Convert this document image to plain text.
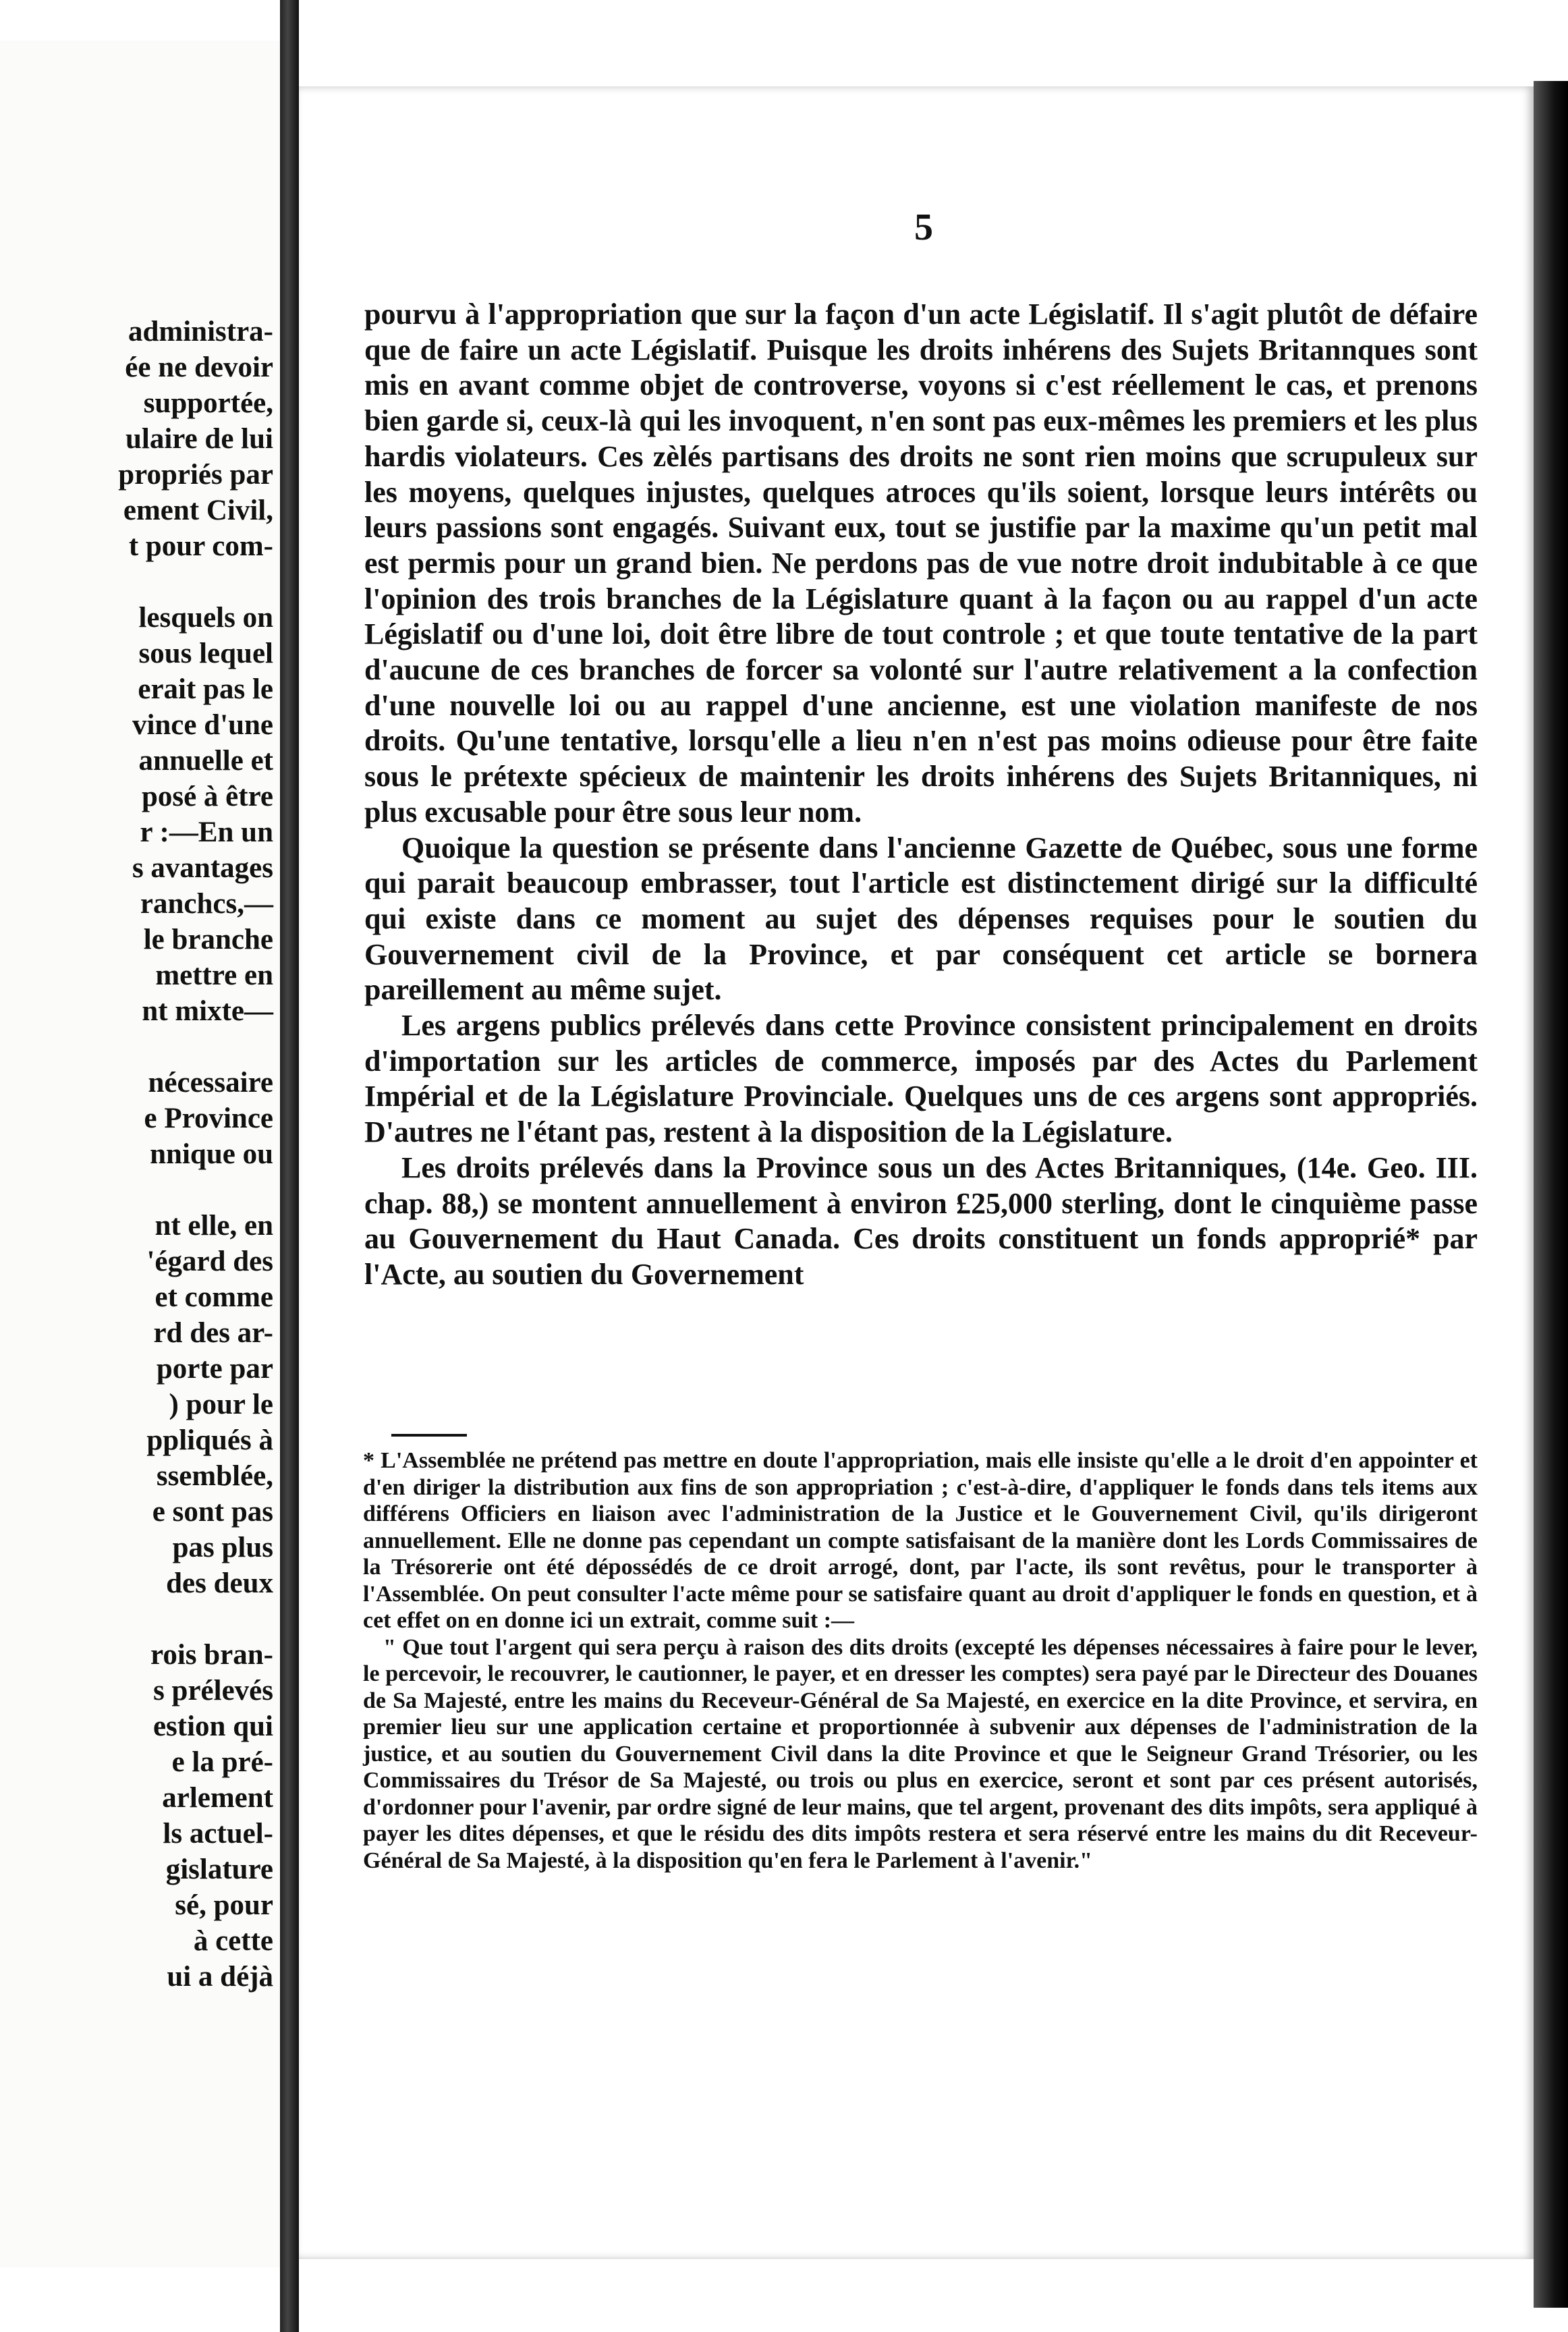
administra-
ée ne devoir
supportée,
ulaire de lui
propriés par
ement Civil,
t pour com-
lesquels on
sous lequel
erait pas le
vince d'une
annuelle et
posé à être
r :—En un
s avantages
ranchcs,—
le branche
mettre en
nt mixte—
nécessaire
e Province
nnique ou
nt elle, en
'égard des
et comme
rd des ar-
porte par
) pour le
ppliqués à
ssemblée,
e sont pas
pas plus
des deux
rois bran-
s prélevés
estion qui
e la pré-
arlement
ls actuel-
gislature
sé, pour
à cette
ui a déjà
5

pourvu à l'appropriation que sur la façon d'un acte Législatif. Il s'agit plutôt de défaire que de faire un acte Législatif. Puisque les droits inhérens des Sujets Britannques sont mis en avant comme objet de controverse, voyons si c'est réellement le cas, et prenons bien garde si, ceux-là qui les invoquent, n'en sont pas eux-mêmes les premiers et les plus hardis violateurs. Ces zèlés partisans des droits ne sont rien moins que scrupuleux sur les moyens, quelques injustes, quelques atroces qu'ils soient, lorsque leurs intérêts ou leurs passions sont engagés. Suivant eux, tout se justifie par la maxime qu'un petit mal est permis pour un grand bien. Ne perdons pas de vue notre droit indubitable à ce que l'opinion des trois branches de la Législature quant à la façon ou au rappel d'un acte Législatif ou d'une loi, doit être libre de tout controle ; et que toute tentative de la part d'aucune de ces branches de forcer sa volonté sur l'autre relativement a la confection d'une nouvelle loi ou au rappel d'une ancienne, est une violation manifeste de nos droits. Qu'une tentative, lorsqu'elle a lieu n'en n'est pas moins odieuse pour être faite sous le prétexte spécieux de maintenir les droits inhérens des Sujets Britanniques, ni plus excusable pour être sous leur nom.

Quoique la question se présente dans l'ancienne Gazette de Québec, sous une forme qui parait beaucoup embrasser, tout l'article est distinctement dirigé sur la difficulté qui existe dans ce moment au sujet des dépenses requises pour le soutien du Gouvernement civil de la Province, et par conséquent cet article se bornera pareillement au même sujet.

Les argens publics prélevés dans cette Province consistent principalement en droits d'importation sur les articles de commerce, imposés par des Actes du Parlement Impérial et de la Législature Provinciale. Quelques uns de ces argens sont appropriés. D'autres ne l'étant pas, restent à la disposition de la Législature.

Les droits prélevés dans la Province sous un des Actes Britanniques, (14e. Geo. III. chap. 88,) se montent annuellement à environ £25,000 sterling, dont le cinquième passe au Gouvernement du Haut Canada. Ces droits constituent un fonds approprié* par l'Acte, au soutien du Governement

* L'Assemblée ne prétend pas mettre en doute l'appropriation, mais elle insiste qu'elle a le droit d'en appointer et d'en diriger la distribution aux fins de son appropriation ; c'est-à-dire, d'appliquer le fonds dans tels items aux différens Officiers en liaison avec l'administration de la Justice et le Gouvernement Civil, qu'ils dirigeront annuellement. Elle ne donne pas cependant un compte satisfaisant de la manière dont les Lords Commissaires de la Trésorerie ont été dépossédés de ce droit arrogé, dont, par l'acte, ils sont revêtus, pour le transporter à l'Assemblée. On peut consulter l'acte même pour se satisfaire quant au droit d'appliquer le fonds en question, et à cet effet on en donne ici un extrait, comme suit :—

" Que tout l'argent qui sera perçu à raison des dits droits (excepté les dépenses nécessaires à faire pour le lever, le percevoir, le recouvrer, le cautionner, le payer, et en dresser les comptes) sera payé par le Directeur des Douanes de Sa Majesté, entre les mains du Receveur-Général de Sa Majesté, en exercice en la dite Province, et servira, en premier lieu sur une application certaine et proportionnée à subvenir aux dépenses de l'administration de la justice, et au soutien du Gouvernement Civil dans la dite Province et que le Seigneur Grand Trésorier, ou les Commissaires du Trésor de Sa Majesté, ou trois ou plus en exercice, seront et sont par ces présent autorisés, d'ordonner pour l'avenir, par ordre signé de leur mains, que tel argent, provenant des dits impôts, sera appliqué à payer les dites dépenses, et que le résidu des dits impôts restera et sera réservé entre les mains du dit Receveur-Général de Sa Majesté, à la disposition qu'en fera le Parlement à l'avenir."
